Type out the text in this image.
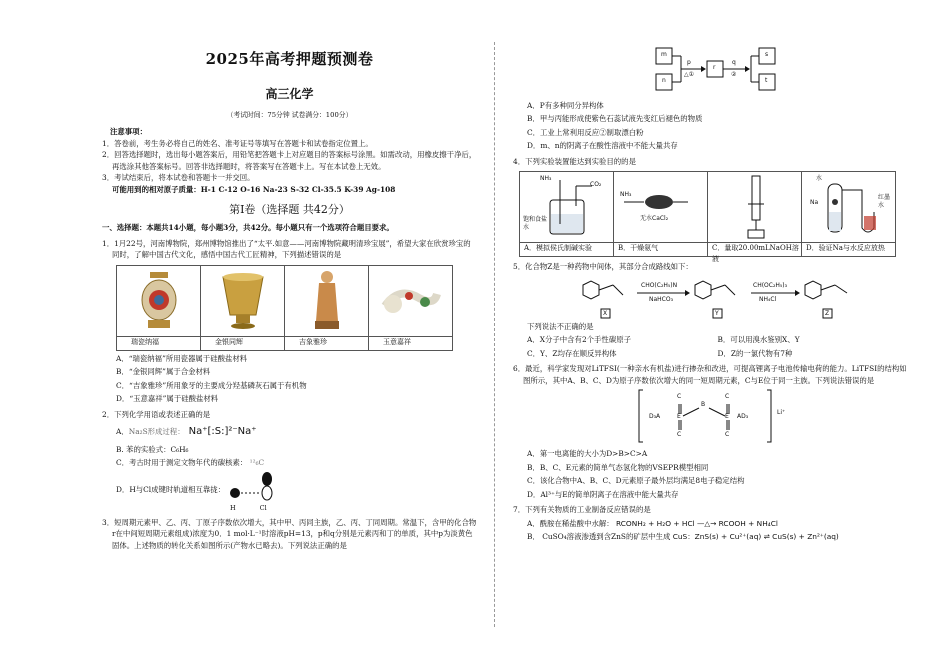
2025年高考押题预测卷
高三化学
（考试时间：75分钟 试卷满分：100分）
注意事项：
1．答卷前，考生务必将自己的姓名、准考证号等填写在答题卡和试卷指定位置上。
2．回答选择题时，选出每小题答案后，用铅笔把答题卡上对应题目的答案标号涂黑。如需改动，用橡皮擦干净后，再选涂其他答案标号。回答非选择题时，将答案写在答题卡上。写在本试卷上无效。
3．考试结束后，将本试卷和答题卡一并交回。
可能用到的相对原子质量：H-1 C-12 O-16 Na-23 S-32 Cl-35.5 K-39 Ag-108
第Ⅰ卷（选择题 共42分）
一、选择题：本题共14小题，每小题3分，共42分。每小题只有一个选项符合题目要求。
1．1月22号，河南博物院，郑州博物馆推出了“太平.如意——河南博物院藏明清珍宝展”，希望大家在欣赏珍宝的同时，了解中国古代文化，感悟中国古代工匠精神，下列描述错误的是
瑞瓷纳福	金银同辉	吉象雅珍	玉意嘉祥
A．“瑞瓷纳福”所用瓷器属于硅酸盐材料
B．“金银同辉”属于合金材料
C．“吉象雅珍”所用象牙的主要成分羟基磷灰石属于有机物
D．“玉意嘉祥”属于硅酸盐材料
2．下列化学用语或表述正确的是
A． Na₂S形成过程： Na⁺[:S:]²⁻Na⁺
B. 苯的实验式：C₆H₆
C．考古时用于测定文物年代的碳核素： ¹²₆C
D．H与Cl成键时轨道相互靠拢：
H	Cl
3．短周期元素甲、乙、丙、丁原子序数依次增大，其中甲、丙同主族，乙、丙、丁同周期。常温下，含甲的化合物r在中间短周期元素组成)浓度为0．1 mol·L⁻¹时溶液pH=13，p和q分别是元素丙和丁的单质，其中p为淡黄色固体。上述物质的转化关系如图所示(产物水已略去)。下列说法正确的是
m
n
p
△①
r
q
②
s
t
A．P有多种同分异构体
B．甲与丙能形成使紫色石蕊试液先变红后褪色的物质
C．工业上常利用反应②制取漂白粉
D．m、n的阴离子在酸性溶液中不能大量共存
4．下列实验装置能达到实验目的的是
NH₃
CO₂
饱和食盐水
A．模拟侯氏制碱实验

NH₃
无水CaCl₂
B．干燥氨气	C．量取20.00mLNaOH溶液

水
Na
红墨水
D．验证Na与水反应放热
5．化合物Z是一种药物中间体，其部分合成路线如下：
CHO(C₂H₅)N
NaHCO₃
CH(OC₂H₅)₃
NH₄Cl
X	Y	Z
下列说法不正确的是
A．X分子中含有2个手性碳原子	B．可以用溴水鉴别X、Y
C．Y、Z均存在顺反异构体	D．Z的一氯代物有7种
6．最近，科学家发现对LiTFSI(一种亲水有机盐)进行掺杂和改进，可提高锂离子电池传输电荷的能力。LiTFSI的结构如图所示，其中A、B、C、D为原子序数依次增大的同一短周期元素，C与E位于同一主族。下列说法错误的是
C	C
B
E	E
C	C
D₃A	AD₃
Li⁺
A．第一电离能的大小为D>B>C>A
B．B、C、E元素的简单气态氢化物的VSEPR模型相同
C．该化合物中A、B、C、D元素原子最外层均满足8电子稳定结构
D．Al³⁺与E的简单阴离子在溶液中能大量共存
7．下列有关物质的工业制备反应错误的是
A．酰胺在稀盐酸中水解： RCONH₂ + H₂O + HCl —△→ RCOOH + NH₄Cl
B． CuSO₄溶液渗透到含ZnS的矿层中生成 CuS：ZnS(s) + Cu²⁺(aq) ⇌ CuS(s) + Zn²⁺(aq)
